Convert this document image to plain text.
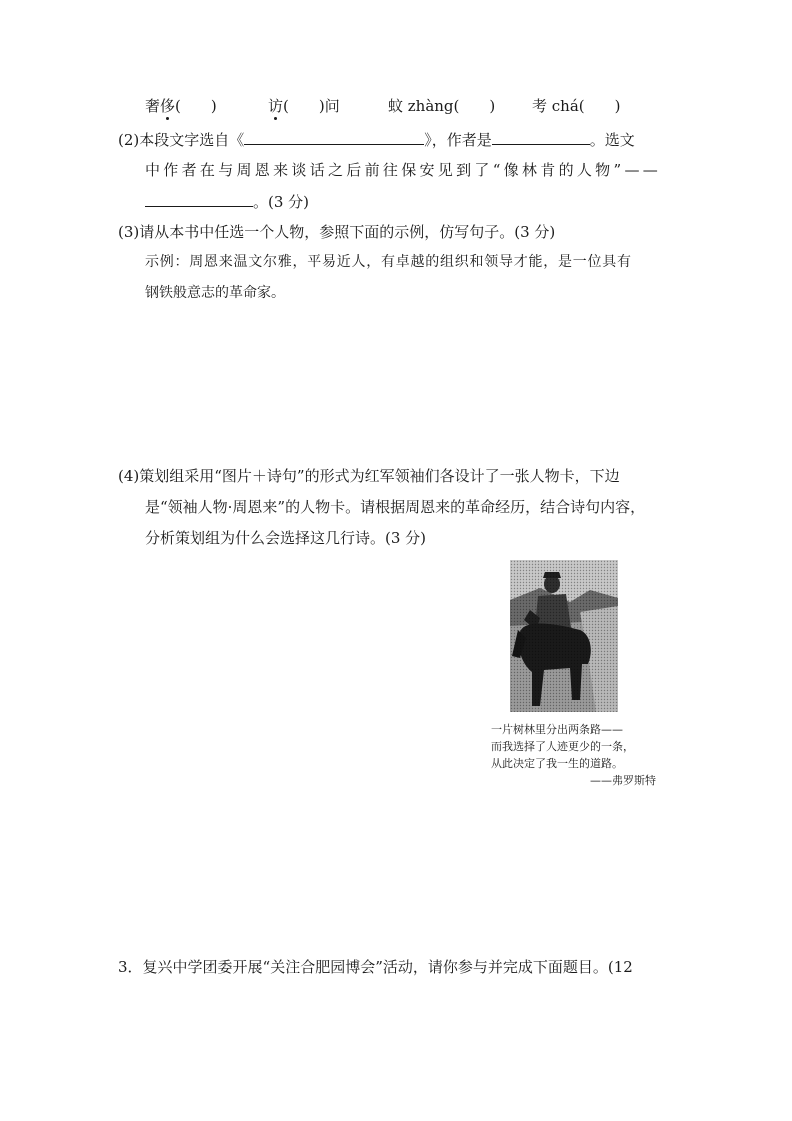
奢侈(　　)	访(　　)问	蚊 zhàng(　　) 考 chá(　　)
(2)本段文字选自《	》，作者是	。选文
中作者在与周恩来谈话之后前往保安见到了“像林肯的人物”——
。(3 分)
(3)请从本书中任选一个人物，参照下面的示例，仿写句子。(3 分)
示例：周恩来温文尔雅，平易近人，有卓越的组织和领导才能，是一位具有
钢铁般意志的革命家。
(4)策划组采用“图片＋诗句”的形式为红军领袖们各设计了一张人物卡，下边
是“领袖人物·周恩来”的人物卡。请根据周恩来的革命经历，结合诗句内容，
分析策划组为什么会选择这几行诗。(3 分)
一片树林里分出两条路——
而我选择了人迹更少的一条，
从此决定了我一生的道路。
——弗罗斯特
3．复兴中学团委开展“关注合肥园博会”活动，请你参与并完成下面题目。(12
